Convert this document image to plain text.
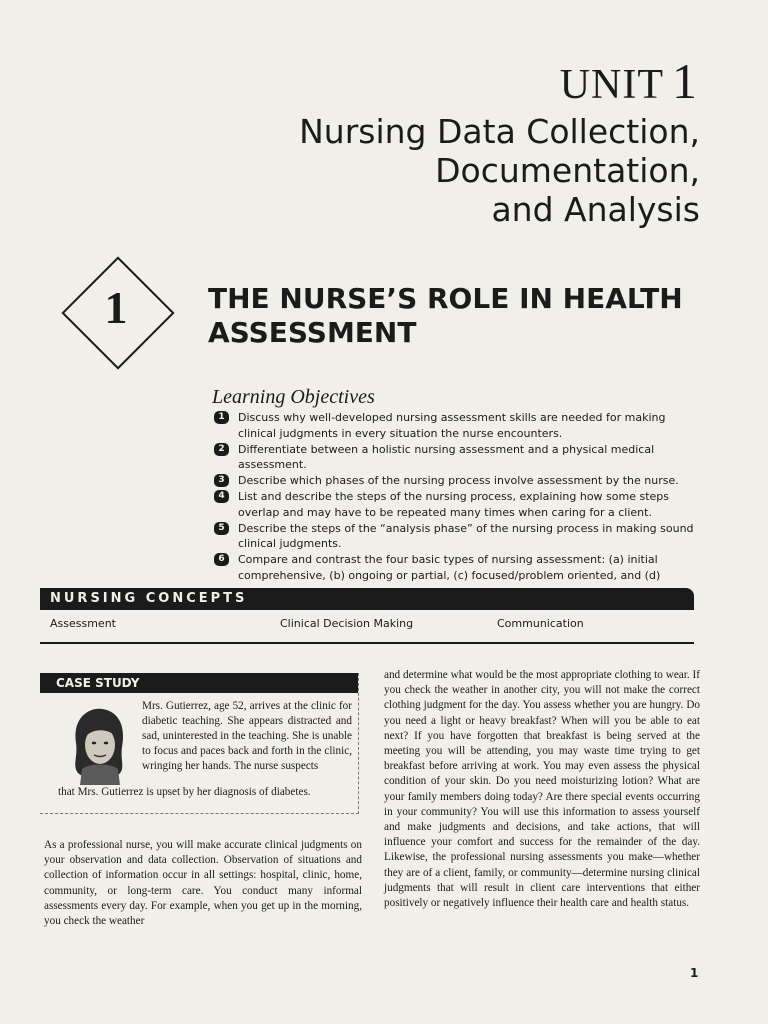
UNIT 1
Nursing Data Collection,
Documentation,
and Analysis
1	THE NURSE’S ROLE IN HEALTH
ASSESSMENT
Learning Objectives
1	Discuss why well-developed nursing assessment skills are needed for making clinical judgments in every situation the nurse encounters.
2	Differentiate between a holistic nursing assessment and a physical medical assessment.
3	Describe which phases of the nursing process involve assessment by the nurse.
4	List and describe the steps of the nursing process, explaining how some steps overlap and may have to be repeated many times when caring for a client.
5	Describe the steps of the “analysis phase” of the nursing process in making sound clinical judgments.
6	Compare and contrast the four basic types of nursing assessment: (a) initial comprehensive, (b) ongoing or partial, (c) focused/problem oriented, and (d)
NURSING CONCEPTS
Assessment	Clinical Decision Making	Communication
CASE STUDY
Mrs. Gutierrez, age 52, arrives at the clinic for diabetic teaching. She appears distracted and sad, uninterested in the teaching. She is unable to focus and paces back and forth in the clinic, wringing her hands. The nurse suspects
that Mrs. Gutierrez is upset by her diagnosis of diabetes.
As a professional nurse, you will make accurate clinical judgments on your observation and data collection. Observation of situations and collection of information occur in all settings: hospital, clinic, home, community, or long-term care. You conduct many informal assessments every day. For example, when you get up in the morning, you check the weather
and determine what would be the most appropriate clothing to wear. If you check the weather in another city, you will not make the correct clothing judgment for the day. You assess whether you are hungry. Do you need a light or heavy breakfast? When will you be able to eat next? If you have forgotten that breakfast is being served at the meeting you will be attending, you may waste time trying to get breakfast before arriving at work. You may even assess the physical condition of your skin. Do you need moisturizing lotion? What are your family members doing today? Are there special events occurring in your community? You will use this information to assess yourself and make judgments and decisions, and take actions, that will influence your comfort and success for the remainder of the day. Likewise, the professional nursing assessments you make—whether they are of a client, family, or community—determine nursing clinical judgments that will result in client care interventions that either positively or negatively influence their health care and health status.
1
